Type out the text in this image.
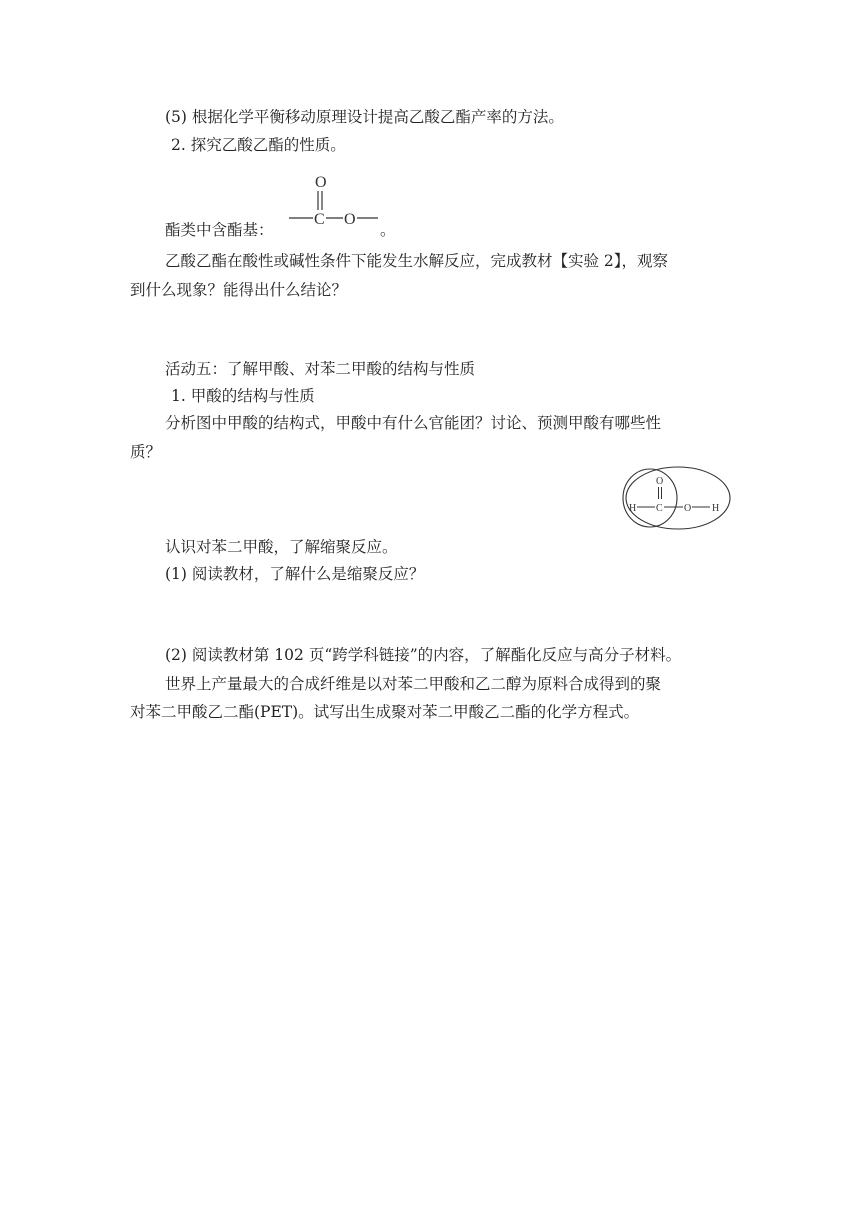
(5) 根据化学平衡移动原理设计提高乙酸乙酯产率的方法。
2. 探究乙酸乙酯的性质。
酯类中含酯基：
O
C O
。
乙酸乙酯在酸性或碱性条件下能发生水解反应，完成教材【实验 2】，观察
到什么现象？能得出什么结论？
活动五：了解甲酸、对苯二甲酸的结构与性质
1. 甲酸的结构与性质
分析图中甲酸的结构式，甲酸中有什么官能团？讨论、预测甲酸有哪些性
质？
O
H C O H
认识对苯二甲酸，了解缩聚反应。
(1) 阅读教材，了解什么是缩聚反应？
(2) 阅读教材第 102 页“跨学科链接”的内容，了解酯化反应与高分子材料。
世界上产量最大的合成纤维是以对苯二甲酸和乙二醇为原料合成得到的聚
对苯二甲酸乙二酯(PET)。试写出生成聚对苯二甲酸乙二酯的化学方程式。
